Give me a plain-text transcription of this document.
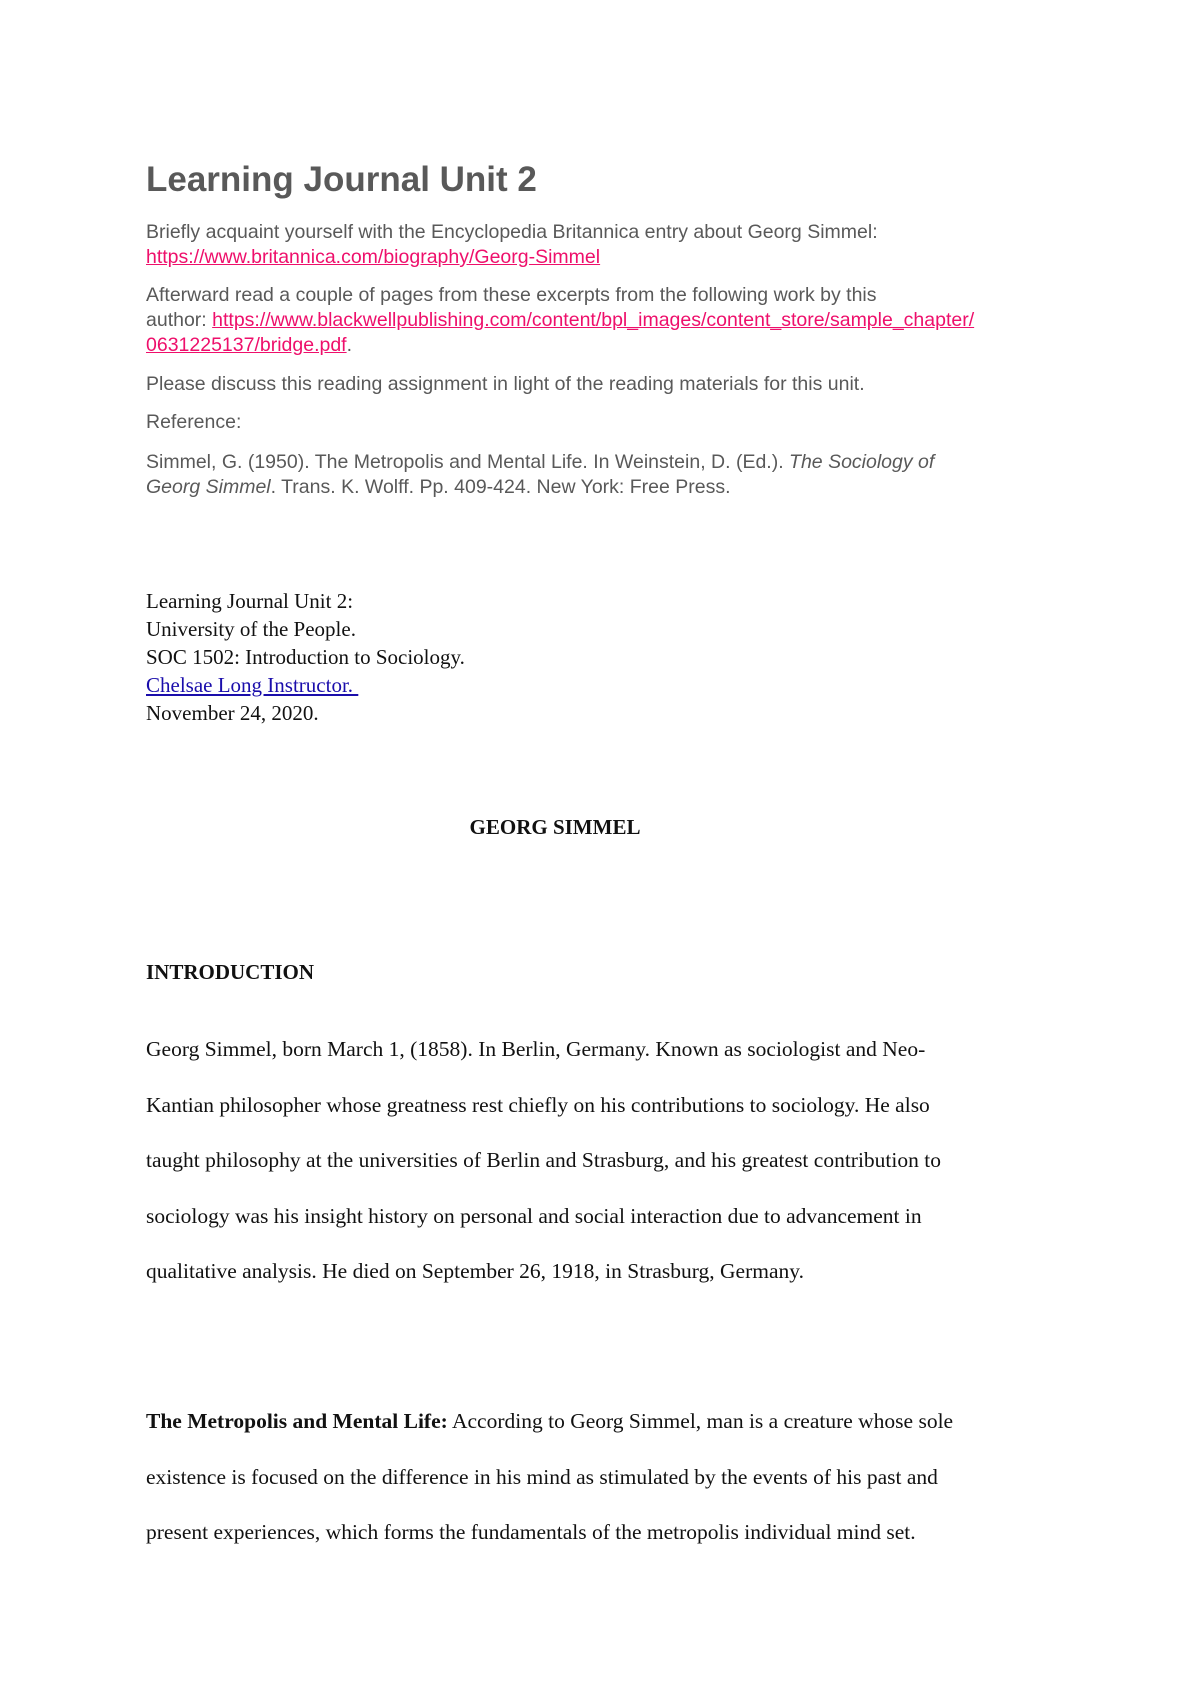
Learning Journal Unit 2

Briefly acquaint yourself with the Encyclopedia Britannica entry about Georg Simmel:
https://www.britannica.com/biography/Georg-Simmel

Afterward read a couple of pages from these excerpts from the following work by this
author: https://www.blackwellpublishing.com/content/bpl_images/content_store/sample_chapter/
0631225137/bridge.pdf.

Please discuss this reading assignment in light of the reading materials for this unit.

Reference:

Simmel, G. (1950). The Metropolis and Mental Life. In Weinstein, D. (Ed.). The Sociology of
Georg Simmel. Trans. K. Wolff. Pp. 409-424. New York: Free Press.

Learning Journal Unit 2:
University of the People.
SOC 1502: Introduction to Sociology.
Chelsae Long Instructor.
November 24, 2020.
GEORG SIMMEL
INTRODUCTION
Georg Simmel, born March 1, (1858). In Berlin, Germany. Known as sociologist and Neo-
Kantian philosopher whose greatness rest chiefly on his contributions to sociology. He also
taught philosophy at the universities of Berlin and Strasburg, and his greatest contribution to
sociology was his insight history on personal and social interaction due to advancement in
qualitative analysis. He died on September 26, 1918, in Strasburg, Germany.
The Metropolis and Mental Life: According to Georg Simmel, man is a creature whose sole
existence is focused on the difference in his mind as stimulated by the events of his past and
present experiences, which forms the fundamentals of the metropolis individual mind set.
